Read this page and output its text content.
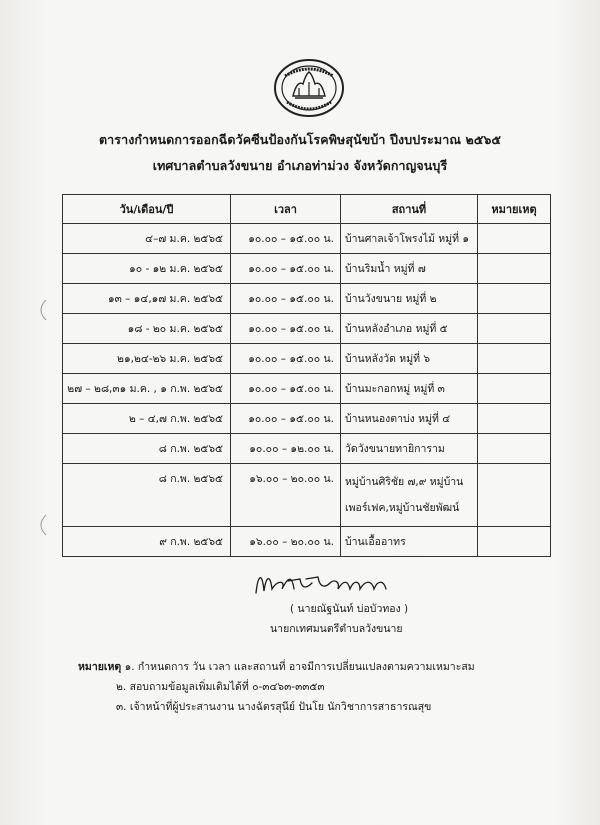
ตารางกำหนดการออกฉีดวัคซีนป้องกันโรคพิษสุนัขบ้า ปีงบประมาณ ๒๕๖๕
เทศบาลตำบลวังขนาย อำเภอท่าม่วง จังหวัดกาญจนบุรี
วัน/เดือน/ปี	เวลา	สถานที่	หมายเหตุ
๔–๗ ม.ค. ๒๕๖๕	๑๐.๐๐ – ๑๕.๐๐ น.	บ้านศาลเจ้าโพรงไม้ หมู่ที่ ๑	
๑๐ - ๑๒ ม.ค. ๒๕๖๕	๑๐.๐๐ – ๑๕.๐๐ น.	บ้านริมน้ำ หมู่ที่ ๗	
๑๓ – ๑๔,๑๗ ม.ค. ๒๕๖๕	๑๐.๐๐ – ๑๕.๐๐ น.	บ้านวังขนาย หมู่ที่ ๒	
๑๘ - ๒๐ ม.ค. ๒๕๖๕	๑๐.๐๐ – ๑๕.๐๐ น.	บ้านหลังอำเภอ หมู่ที่ ๕	
๒๑,๒๔-๒๖ ม.ค. ๒๕๖๕	๑๐.๐๐ – ๑๕.๐๐ น.	บ้านหลังวัด หมู่ที่ ๖	
๒๗ – ๒๘,๓๑ ม.ค. , ๑ ก.พ. ๒๕๖๕	๑๐.๐๐ – ๑๕.๐๐ น.	บ้านมะกอกหมู่ หมู่ที่ ๓	
๒ – ๔,๗ ก.พ. ๒๕๖๕	๑๐.๐๐ – ๑๕.๐๐ น.	บ้านหนองตาบ่ง หมู่ที่ ๔	
๘ ก.พ. ๒๕๖๕	๑๐.๐๐ – ๑๒.๐๐ น.	วัดวังขนายทายิการาม	
๘ ก.พ. ๒๕๖๕	๑๖.๐๐ – ๒๐.๐๐ น.	หมู่บ้านศิริชัย ๗,๙ หมู่บ้านเพอร์เฟค,หมู่บ้านชัยพัฒน์	
๙ ก.พ. ๒๕๖๕	๑๖.๐๐ – ๒๐.๐๐ น.	บ้านเอื้ออาทร	
( นายณัฐนันท์ บ่อบัวทอง )
นายกเทศมนตรีตำบลวังขนาย
หมายเหตุ ๑. กำหนดการ วัน เวลา และสถานที่ อาจมีการเปลี่ยนแปลงตามความเหมาะสม
๒. สอบถามข้อมูลเพิ่มเติมได้ที่ ๐-๓๔๖๓-๓๓๕๓
๓. เจ้าหน้าที่ผู้ประสานงาน นางฉัตรสุนีย์ ปันโย นักวิชาการสาธารณสุข
